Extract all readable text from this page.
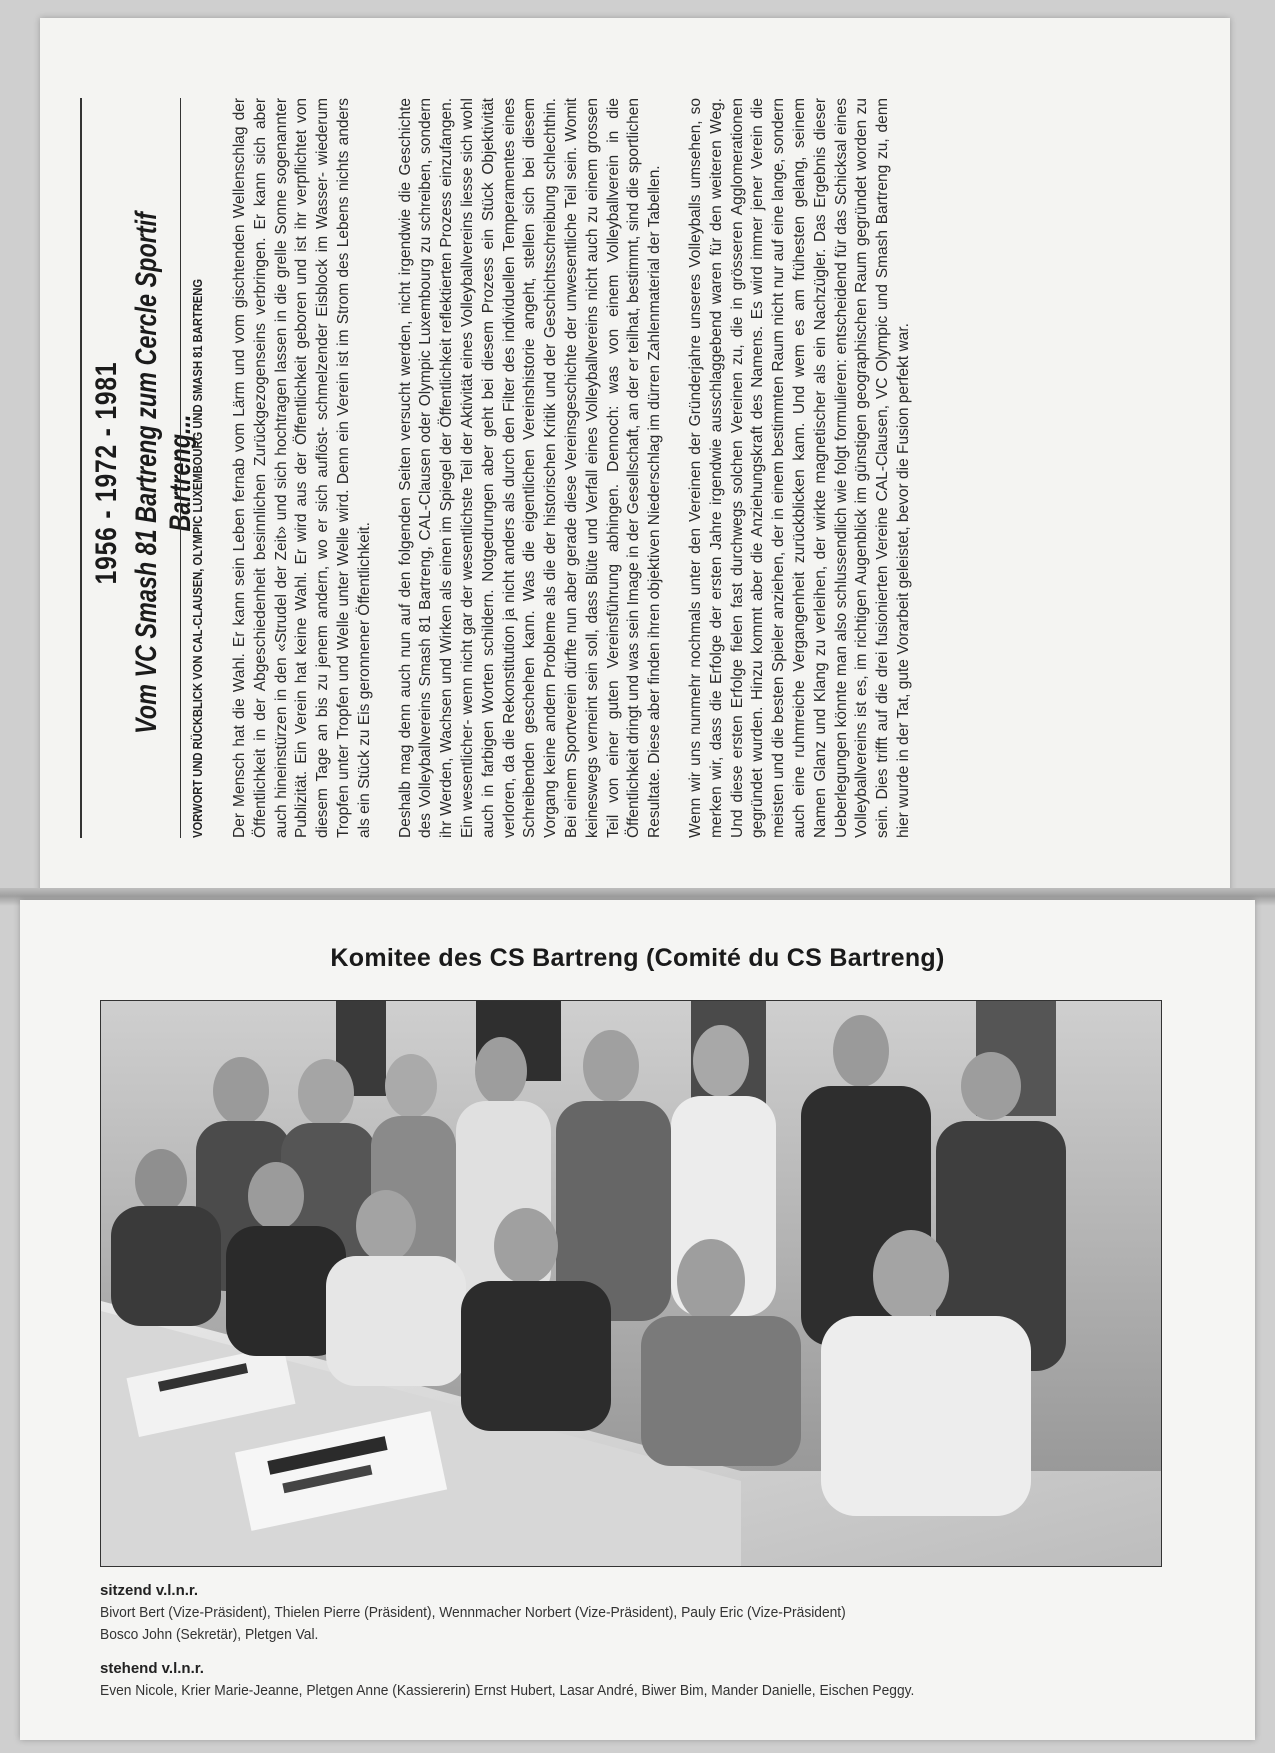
1956 - 1972 - 1981 Vom VC Smash 81 Bartreng zum Cercle Sportif Bartreng...
VORWORT UND RÜCKBLICK VON CAL-CLAUSEN, OLYMPIC LUXEMBOURG UND SMASH 81 BARTRENG Der Mensch hat die Wahl. Er kann sein Leben fernab vom Lärm und vom gischtenden Wellenschlag der Öffentlichkeit in der Abgeschiedenheit besinnlichen Zurückgezogenseins verbringen. Er kann sich aber auch hineinstürzen in den «Strudel der Zeit» und sich hochtragen lassen in die grelle Sonne sogenannter Publizität. Ein Verein hat keine Wahl. Er wird aus der Öffentlichkeit geboren und ist ihr verpflichtet von diesem Tage an bis zu jenem andern, wo er sich auflöst- schmelzender Eisblock im Wasser- wiederum Tropfen unter Tropfen und Welle unter Welle wird. Denn ein Verein ist im Strom des Lebens nichts anders als ein Stück zu Eis geronnener Öffentlichkeit. Deshalb mag denn auch nun auf den folgenden Seiten versucht werden, nicht irgendwie die Geschichte des Volleyballvereins Smash 81 Bartreng, CAL-Clausen oder Olympic Luxembourg zu schreiben, sondern ihr Werden, Wachsen und Wirken als einen im Spiegel der Öffentlichkeit reflektierten Prozess einzufangen. Ein wesentlicher- wenn nicht gar der wesentlichste Teil der Aktivität eines Volleyballvereins liesse sich wohl auch in farbigen Worten schildern. Notgedrungen aber geht bei diesem Prozess ein Stück Objektivität verloren, da die Rekonstitution ja nicht anders als durch den Filter des individuellen Temperamentes eines Schreibenden geschehen kann. Was die eigentlichen Vereinshistorie angeht, stellen sich bei diesem Vorgang keine andern Probleme als die der historischen Kritik und der Geschichtsschreibung schlechthin. Bei einem Sportverein dürfte nun aber gerade diese Vereinsgeschichte der unwesentliche Teil sein. Womit keineswegs verneint sein soll, dass Blüte und Verfall eines Volleyballvereins nicht auch zu einem grossen Teil von einer guten Vereinsführung abhingen. Dennoch: was von einem Volleyballverein in die Öffentlichkeit dringt und was sein Image in der Gesellschaft, an der er teilhat, bestimmt, sind die sportlichen Resultate. Diese aber finden ihren objektiven Niederschlag im dürren Zahlenmaterial der Tabellen. Wenn wir uns nunmehr nochmals unter den Vereinen der Gründerjahre unseres Volleyballs umsehen, so merken wir, dass die Erfolge der ersten Jahre irgendwie ausschlaggebend waren für den weiteren Weg. Und diese ersten Erfolge fielen fast durchwegs solchen Vereinen zu, die in grösseren Agglomerationen gegründet wurden. Hinzu kommt aber die Anziehungskraft des Namens. Es wird immer jener Verein die meisten und die besten Spieler anziehen, der in einem bestimmten Raum nicht nur auf eine lange, sondern auch eine ruhmreiche Vergangenheit zurückblicken kann. Und wem es am frühesten gelang, seinem Namen Glanz und Klang zu verleihen, der wirkte magnetischer als ein Nachzügler. Das Ergebnis dieser Ueberlegungen könnte man also schlussendlich wie folgt formulieren: entscheidend für das Schicksal eines Volleyballvereins ist es, im richtigen Augenblick im günstigen geographischen Raum gegründet worden zu sein. Dies trifft auf die drei fusionierten Vereine CAL-Clausen, VC Olympic und Smash Bartreng zu, denn hier wurde in der Tat, gute Vorarbeit geleistet, bevor die Fusion perfekt war.

Komitee des CS Bartreng (Comité du CS Bartreng)
sitzend v.l.n.r.
Bivort Bert (Vize-Präsident), Thielen Pierre (Präsident), Wennmacher Norbert (Vize-Präsident), Pauly Eric (Vize-Präsident)
Bosco John (Sekretär), Pletgen Val.
stehend v.l.n.r.
Even Nicole, Krier Marie-Jeanne, Pletgen Anne (Kassiererin) Ernst Hubert, Lasar André, Biwer Bim, Mander Danielle, Eischen Peggy.
